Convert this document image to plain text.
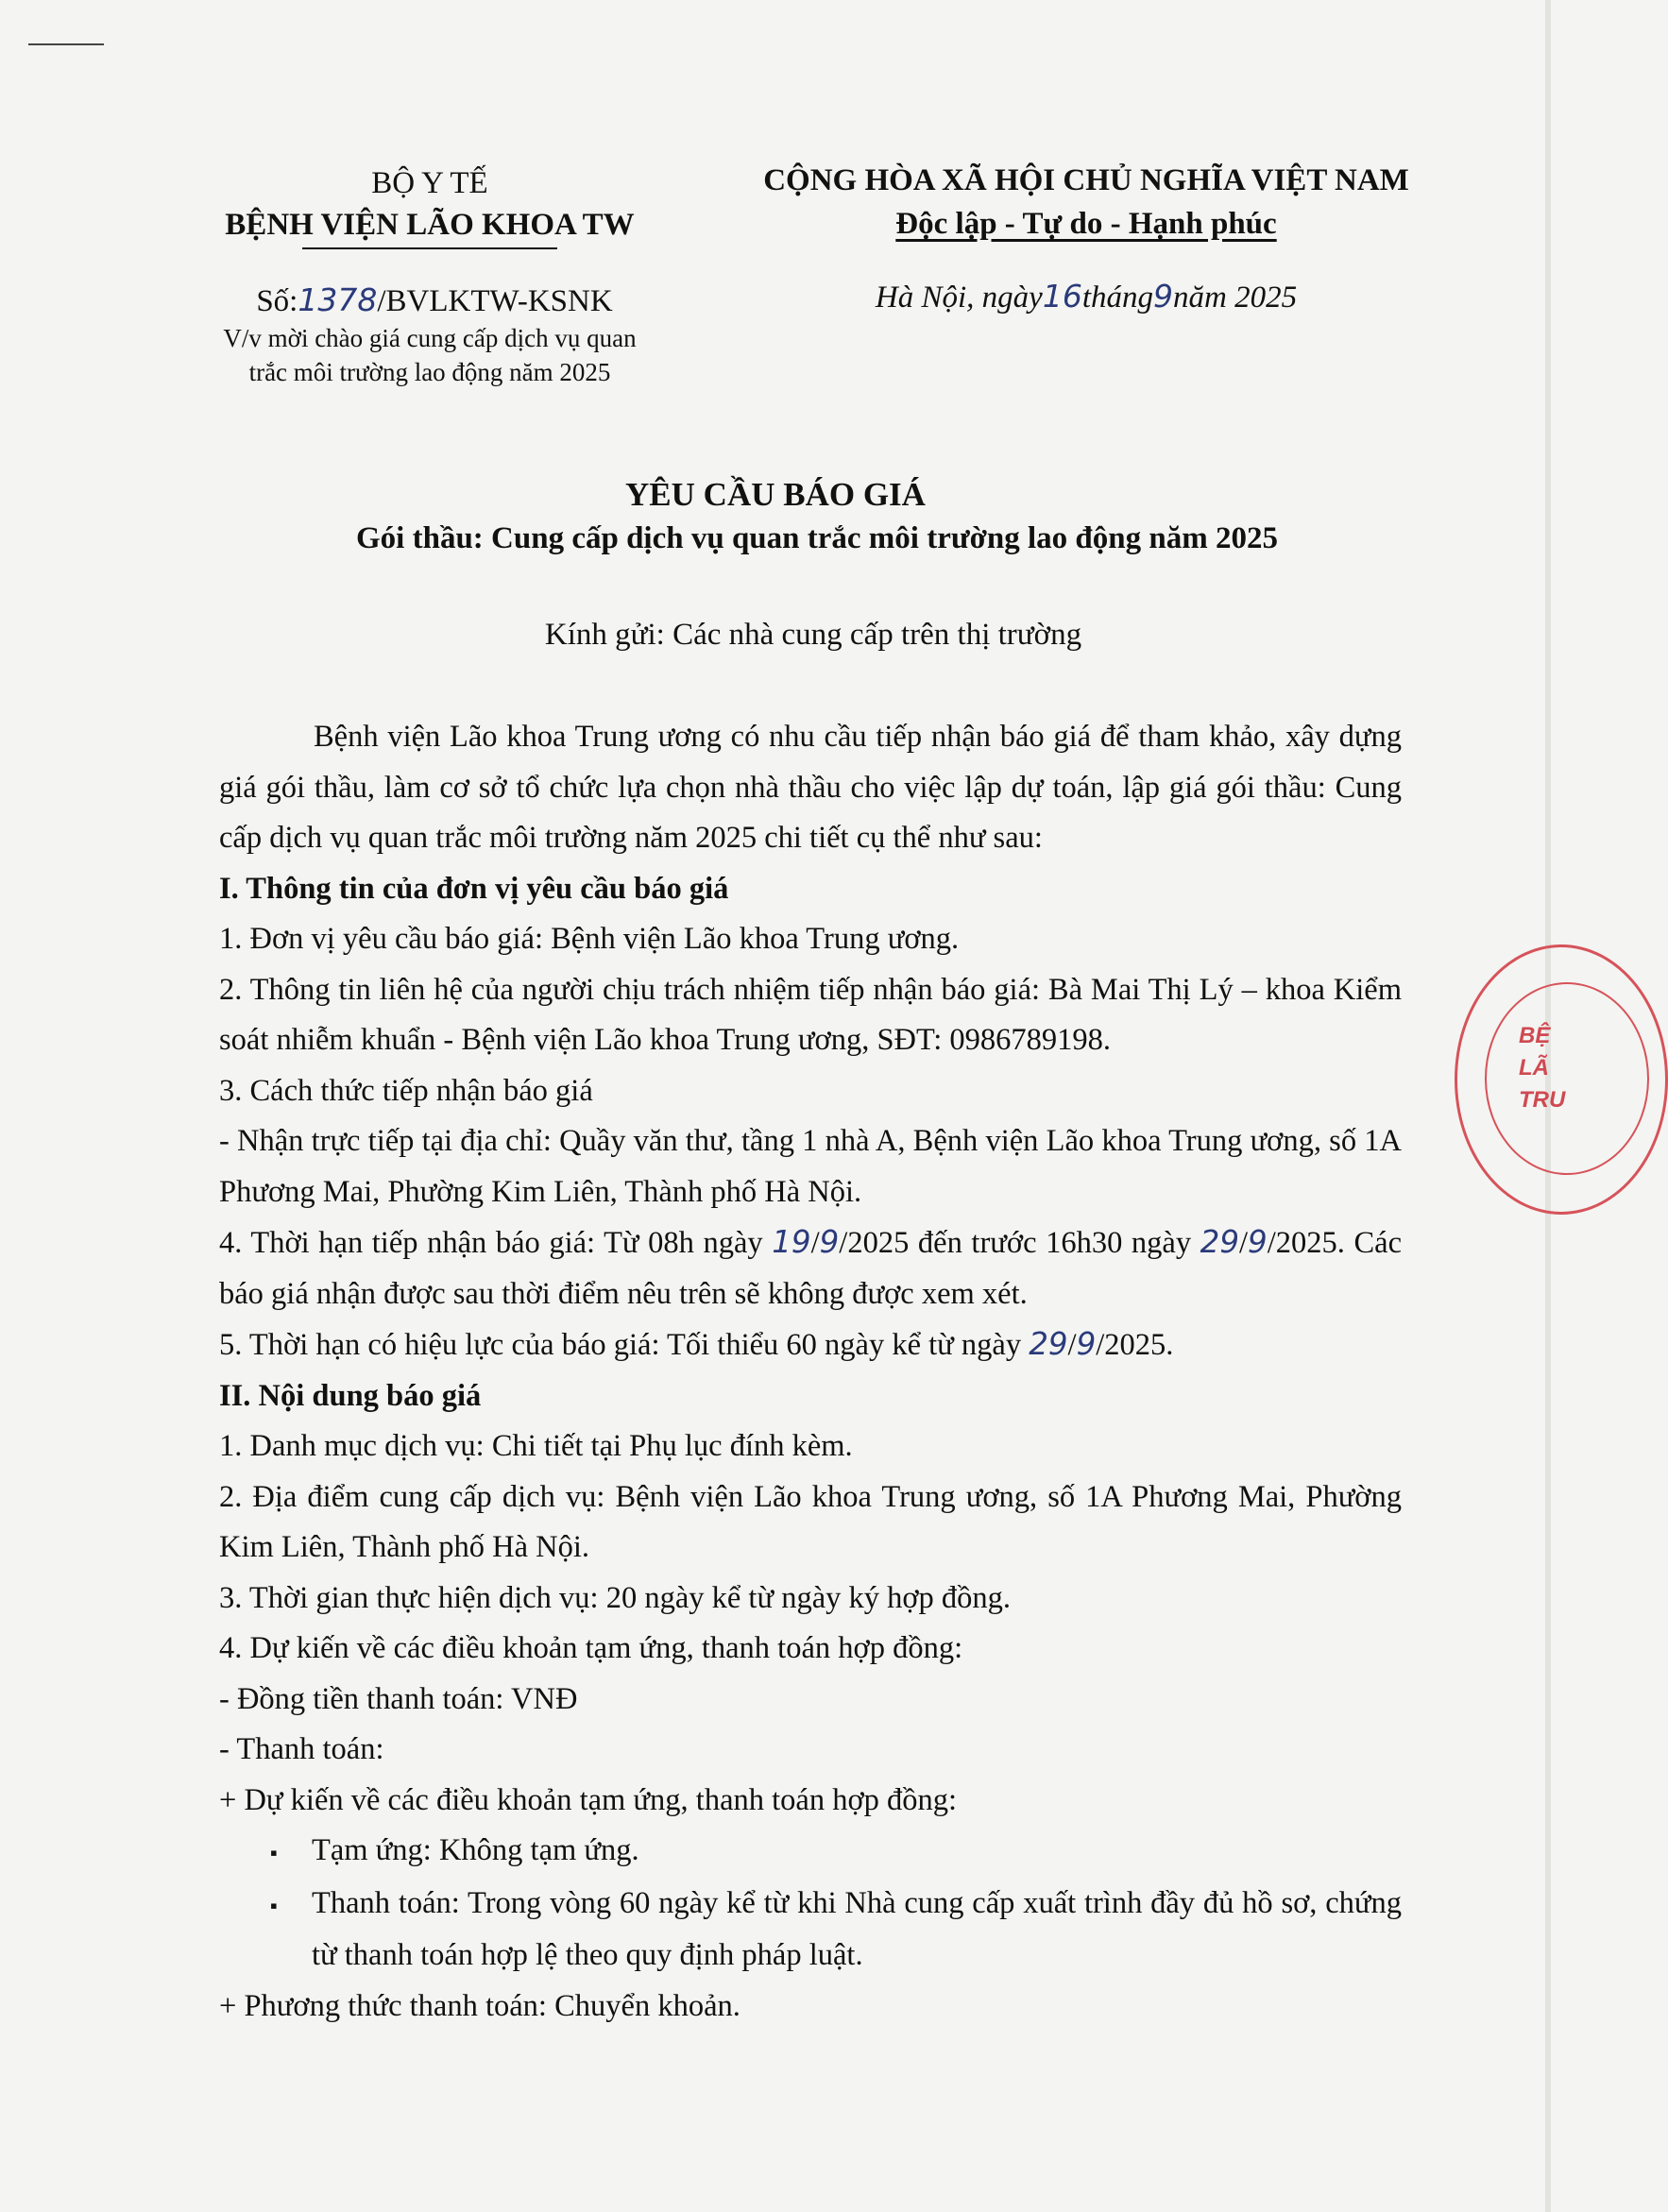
BỘ Y TẾ
BỆNH VIỆN LÃO KHOA TW
CỘNG HÒA XÃ HỘI CHỦ NGHĨA VIỆT NAM
Độc lập - Tự do - Hạnh phúc
Số:1378/BVLKTW-KSNK
V/v mời chào giá cung cấp dịch vụ quan
trắc môi trường lao động năm 2025
Hà Nội, ngày16tháng9năm 2025
YÊU CẦU BÁO GIÁ
Gói thầu: Cung cấp dịch vụ quan trắc môi trường lao động năm 2025
Kính gửi: Các nhà cung cấp trên thị trường

Bệnh viện Lão khoa Trung ương có nhu cầu tiếp nhận báo giá để tham khảo, xây dựng giá gói thầu, làm cơ sở tổ chức lựa chọn nhà thầu cho việc lập dự toán, lập giá gói thầu: Cung cấp dịch vụ quan trắc môi trường năm 2025 chi tiết cụ thể như sau:

I. Thông tin của đơn vị yêu cầu báo giá

1. Đơn vị yêu cầu báo giá: Bệnh viện Lão khoa Trung ương.

2. Thông tin liên hệ của người chịu trách nhiệm tiếp nhận báo giá: Bà Mai Thị Lý – khoa Kiểm soát nhiễm khuẩn - Bệnh viện Lão khoa Trung ương, SĐT: 0986789198.

3. Cách thức tiếp nhận báo giá

- Nhận trực tiếp tại địa chỉ: Quầy văn thư, tầng 1 nhà A, Bệnh viện Lão khoa Trung ương, số 1A Phương Mai, Phường Kim Liên, Thành phố Hà Nội.

4. Thời hạn tiếp nhận báo giá: Từ 08h ngày 19/9/2025 đến trước 16h30 ngày 29/9/2025. Các báo giá nhận được sau thời điểm nêu trên sẽ không được xem xét.

5. Thời hạn có hiệu lực của báo giá: Tối thiểu 60 ngày kể từ ngày 29/9/2025.

II. Nội dung báo giá

1. Danh mục dịch vụ: Chi tiết tại Phụ lục đính kèm.

2. Địa điểm cung cấp dịch vụ: Bệnh viện Lão khoa Trung ương, số 1A Phương Mai, Phường Kim Liên, Thành phố Hà Nội.

3. Thời gian thực hiện dịch vụ: 20 ngày kể từ ngày ký hợp đồng.

4. Dự kiến về các điều khoản tạm ứng, thanh toán hợp đồng:

- Đồng tiền thanh toán: VNĐ

- Thanh toán:

+ Dự kiến về các điều khoản tạm ứng, thanh toán hợp đồng:

▪ Tạm ứng: Không tạm ứng.

▪ Thanh toán: Trong vòng 60 ngày kể từ khi Nhà cung cấp xuất trình đầy đủ hồ sơ, chứng từ thanh toán hợp lệ theo quy định pháp luật.

+ Phương thức thanh toán: Chuyển khoản.

BỆ
LÃ
TRU
